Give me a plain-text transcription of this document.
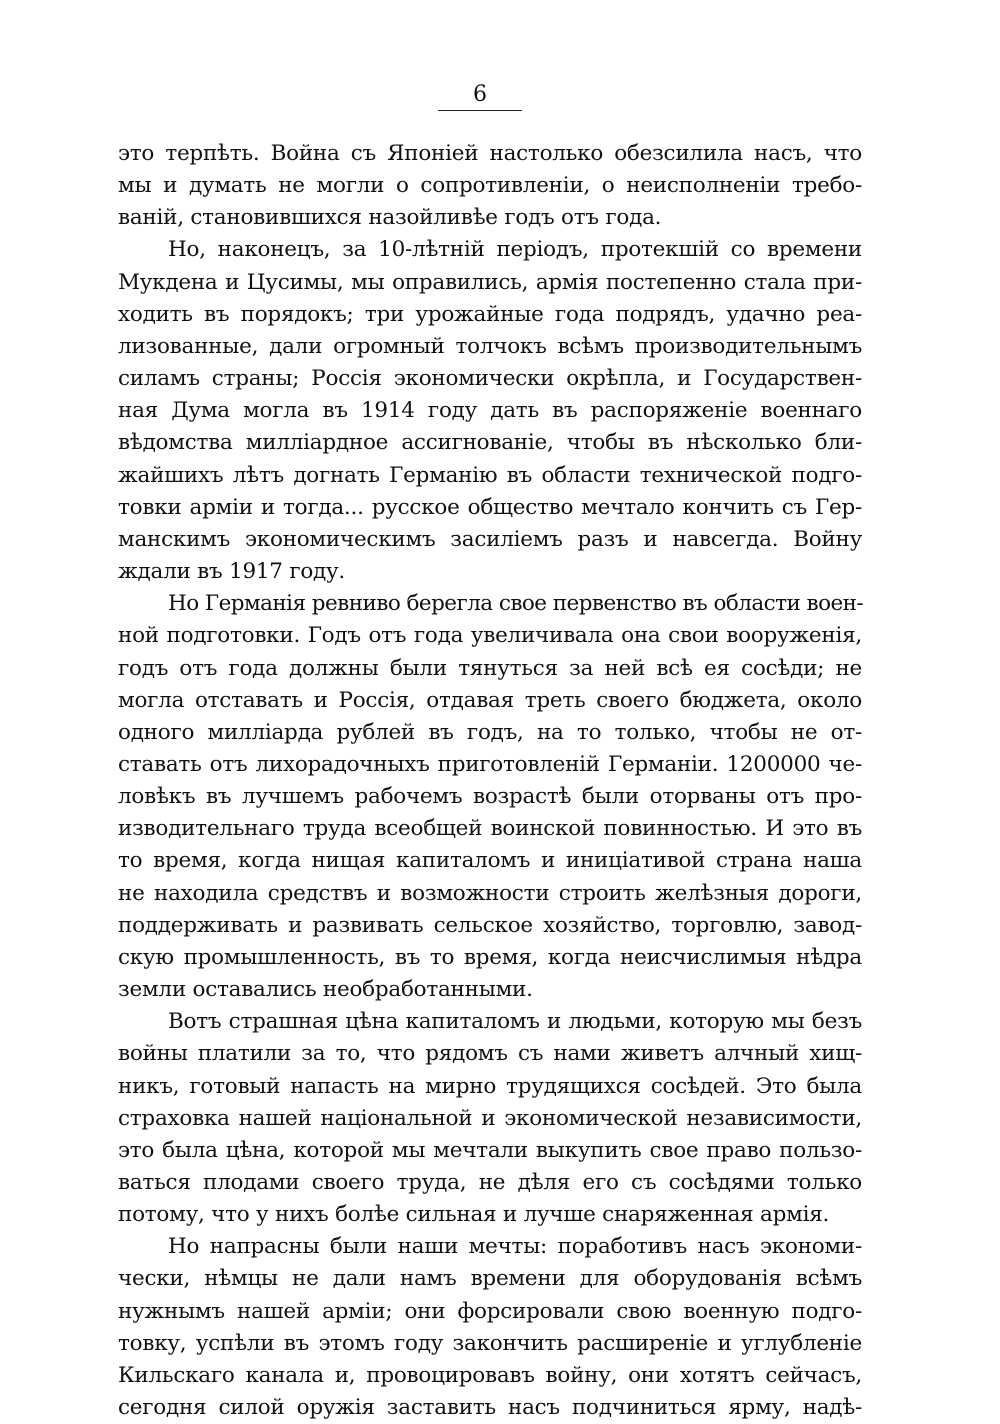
6
это терпѣть. Война съ Японіей настолько обезсилила насъ, что
мы и думать не могли о сопротивленіи, о неисполненіи требо-
ваній, становившихся назойливѣе годъ отъ года.
Но, наконецъ, за 10-лѣтній періодъ, протекшій со времени
Мукдена и Цусимы, мы оправились, армія постепенно стала при-
ходить въ порядокъ; три урожайные года подрядъ, удачно реа-
лизованные, дали огромный толчокъ всѣмъ производительнымъ
силамъ страны; Россія экономически окрѣпла, и Государствен-
ная Дума могла въ 1914 году дать въ распоряженіе военнаго
вѣдомства милліардное ассигнованіе, чтобы въ нѣсколько бли-
жайшихъ лѣтъ догнать Германію въ области технической подго-
товки арміи и тогда... русское общество мечтало кончить съ Гер-
манскимъ экономическимъ засиліемъ разъ и навсегда. Войну
ждали въ 1917 году.
Но Германія ревниво берегла свое первенство въ области воен-
ной подготовки. Годъ отъ года увеличивала она свои вооруженія,
годъ отъ года должны были тянуться за ней всѣ ея сосѣди; не
могла отставать и Россія, отдавая треть своего бюджета, около
одного милліарда рублей въ годъ, на то только, чтобы не от-
ставать отъ лихорадочныхъ приготовленій Германіи. 1200000 че-
ловѣкъ въ лучшемъ рабочемъ возрастѣ были оторваны отъ про-
изводительнаго труда всеобщей воинской повинностью. И это въ
то время, когда нищая капиталомъ и иниціативой страна наша
не находила средствъ и возможности строить желѣзныя дороги,
поддерживать и развивать сельское хозяйство, торговлю, завод-
скую промышленность, въ то время, когда неисчислимыя нѣдра
земли оставались необработанными.
Вотъ страшная цѣна капиталомъ и людьми, которую мы безъ
войны платили за то, что рядомъ съ нами живетъ алчный хищ-
никъ, готовый напасть на мирно трудящихся сосѣдей. Это была
страховка нашей національной и экономической независимости,
это была цѣна, которой мы мечтали выкупить свое право пользо-
ваться плодами своего труда, не дѣля его съ сосѣдями только
потому, что у нихъ болѣе сильная и лучше снаряженная армія.
Но напрасны были наши мечты: поработивъ насъ экономи-
чески, нѣмцы не дали намъ времени для оборудованія всѣмъ
нужнымъ нашей арміи; они форсировали свою военную подго-
товку, успѣли въ этомъ году закончить расширеніе и углубленіе
Кильскаго канала и, провоцировавъ войну, они хотятъ сейчасъ,
сегодня силой оружія заставить насъ подчиниться ярму, надѣ-
